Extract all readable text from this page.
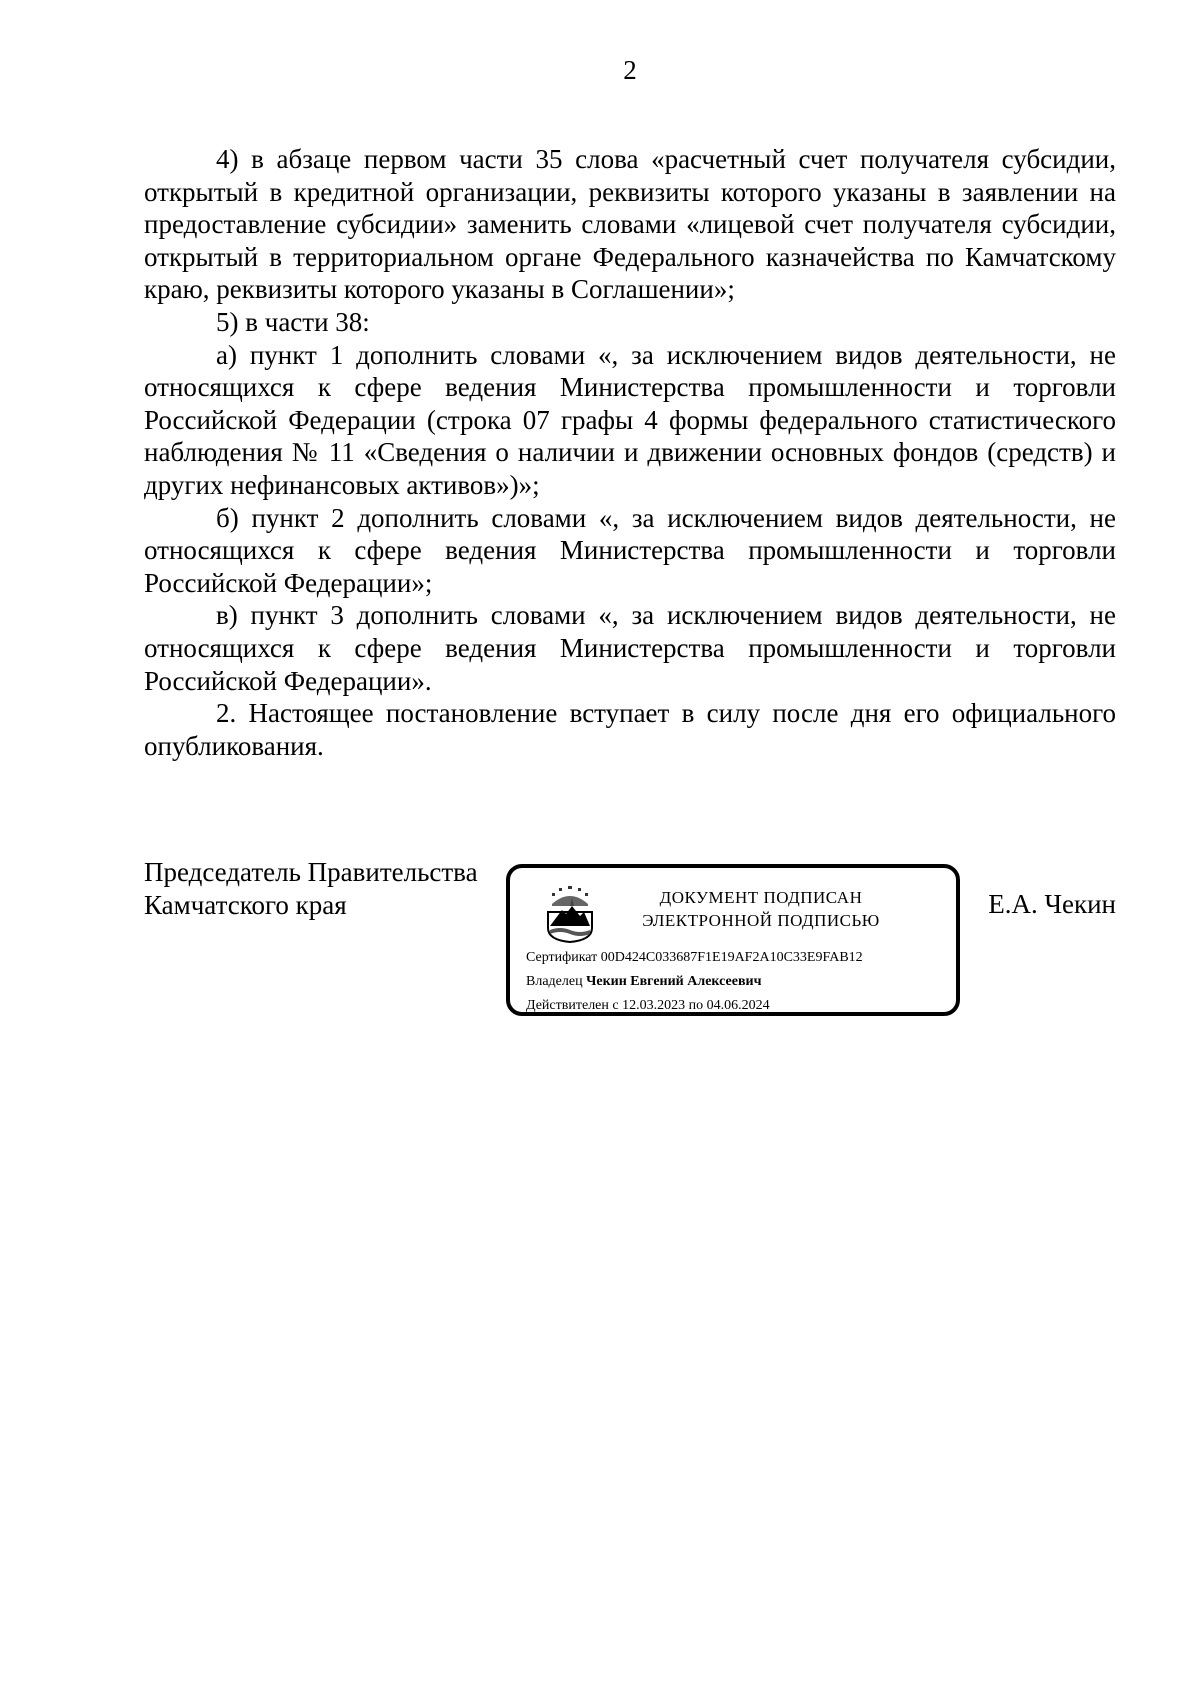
2

4) в абзаце первом части 35 слова «расчетный счет получателя субсидии, открытый в кредитной организации, реквизиты которого указаны в заявлении на предоставление субсидии» заменить словами «лицевой счет получателя субсидии, открытый в территориальном органе Федерального казначейства по Камчатскому краю, реквизиты которого указаны в Соглашении»;

5) в части 38:

а) пункт 1 дополнить словами «, за исключением видов деятельности, не относящихся к сфере ведения Министерства промышленности и торговли Российской Федерации (строка 07 графы 4 формы федерального статистического наблюдения № 11 «Сведения о наличии и движении основных фондов (средств) и других нефинансовых активов»)»;

б) пункт 2 дополнить словами «, за исключением видов деятельности, не относящихся к сфере ведения Министерства промышленности и торговли Российской Федерации»;

в) пункт 3 дополнить словами «, за исключением видов деятельности, не относящихся к сфере ведения Министерства промышленности и торговли Российской Федерации».

2. Настоящее постановление вступает в силу после дня его официального опубликования.

Председатель Правительства
Камчатского края	ДОКУМЕНТ ПОДПИСАН
ЭЛЕКТРОННОЙ ПОДПИСЬЮ
Сертификат 00D424C033687F1E19AF2A10C33E9FAB12
Владелец Чекин Евгений Алексеевич
Действителен с 12.03.2023 по 04.06.2024
Е.А. Чекин
